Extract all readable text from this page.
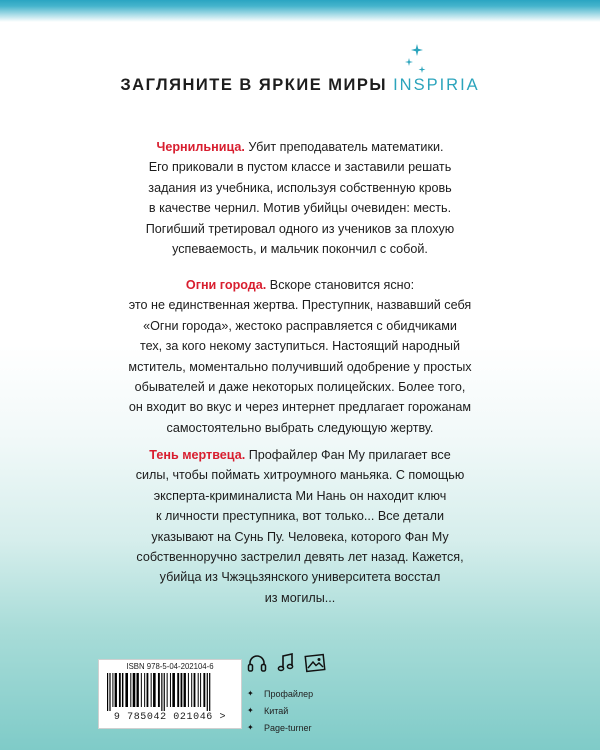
ЗАГЛЯНИТЕ В ЯРКИЕ МИРЫ INSPIRIA
Чернильница. Убит преподаватель математики.
Его приковали в пустом классе и заставили решать
задания из учебника, используя собственную кровь
в качестве чернил. Мотив убийцы очевиден: месть.
Погибший третировал одного из учеников за плохую
успеваемость, и мальчик покончил с собой.
Огни города. Вскоре становится ясно:
это не единственная жертва. Преступник, назвавший себя
«Огни города», жестоко расправляется с обидчиками
тех, за кого некому заступиться. Настоящий народный
мститель, моментально получивший одобрение у простых
обывателей и даже некоторых полицейских. Более того,
он входит во вкус и через интернет предлагает горожанам
самостоятельно выбрать следующую жертву.
Тень мертвеца. Профайлер Фан Му прилагает все
силы, чтобы поймать хитроумного маньяка. С помощью
эксперта-криминалиста Ми Нань он находит ключ
к личности преступника, вот только... Все детали
указывают на Сунь Пу. Человека, которого Фан Му
собственноручно застрелил девять лет назад. Кажется,
убийца из Чжэцьзянского университета восстал
из могилы...
ISBN 978-5-04-202104-6
9 785042 021046 >
✦	Профайлер
✦	Китай
✦	Page-turner
